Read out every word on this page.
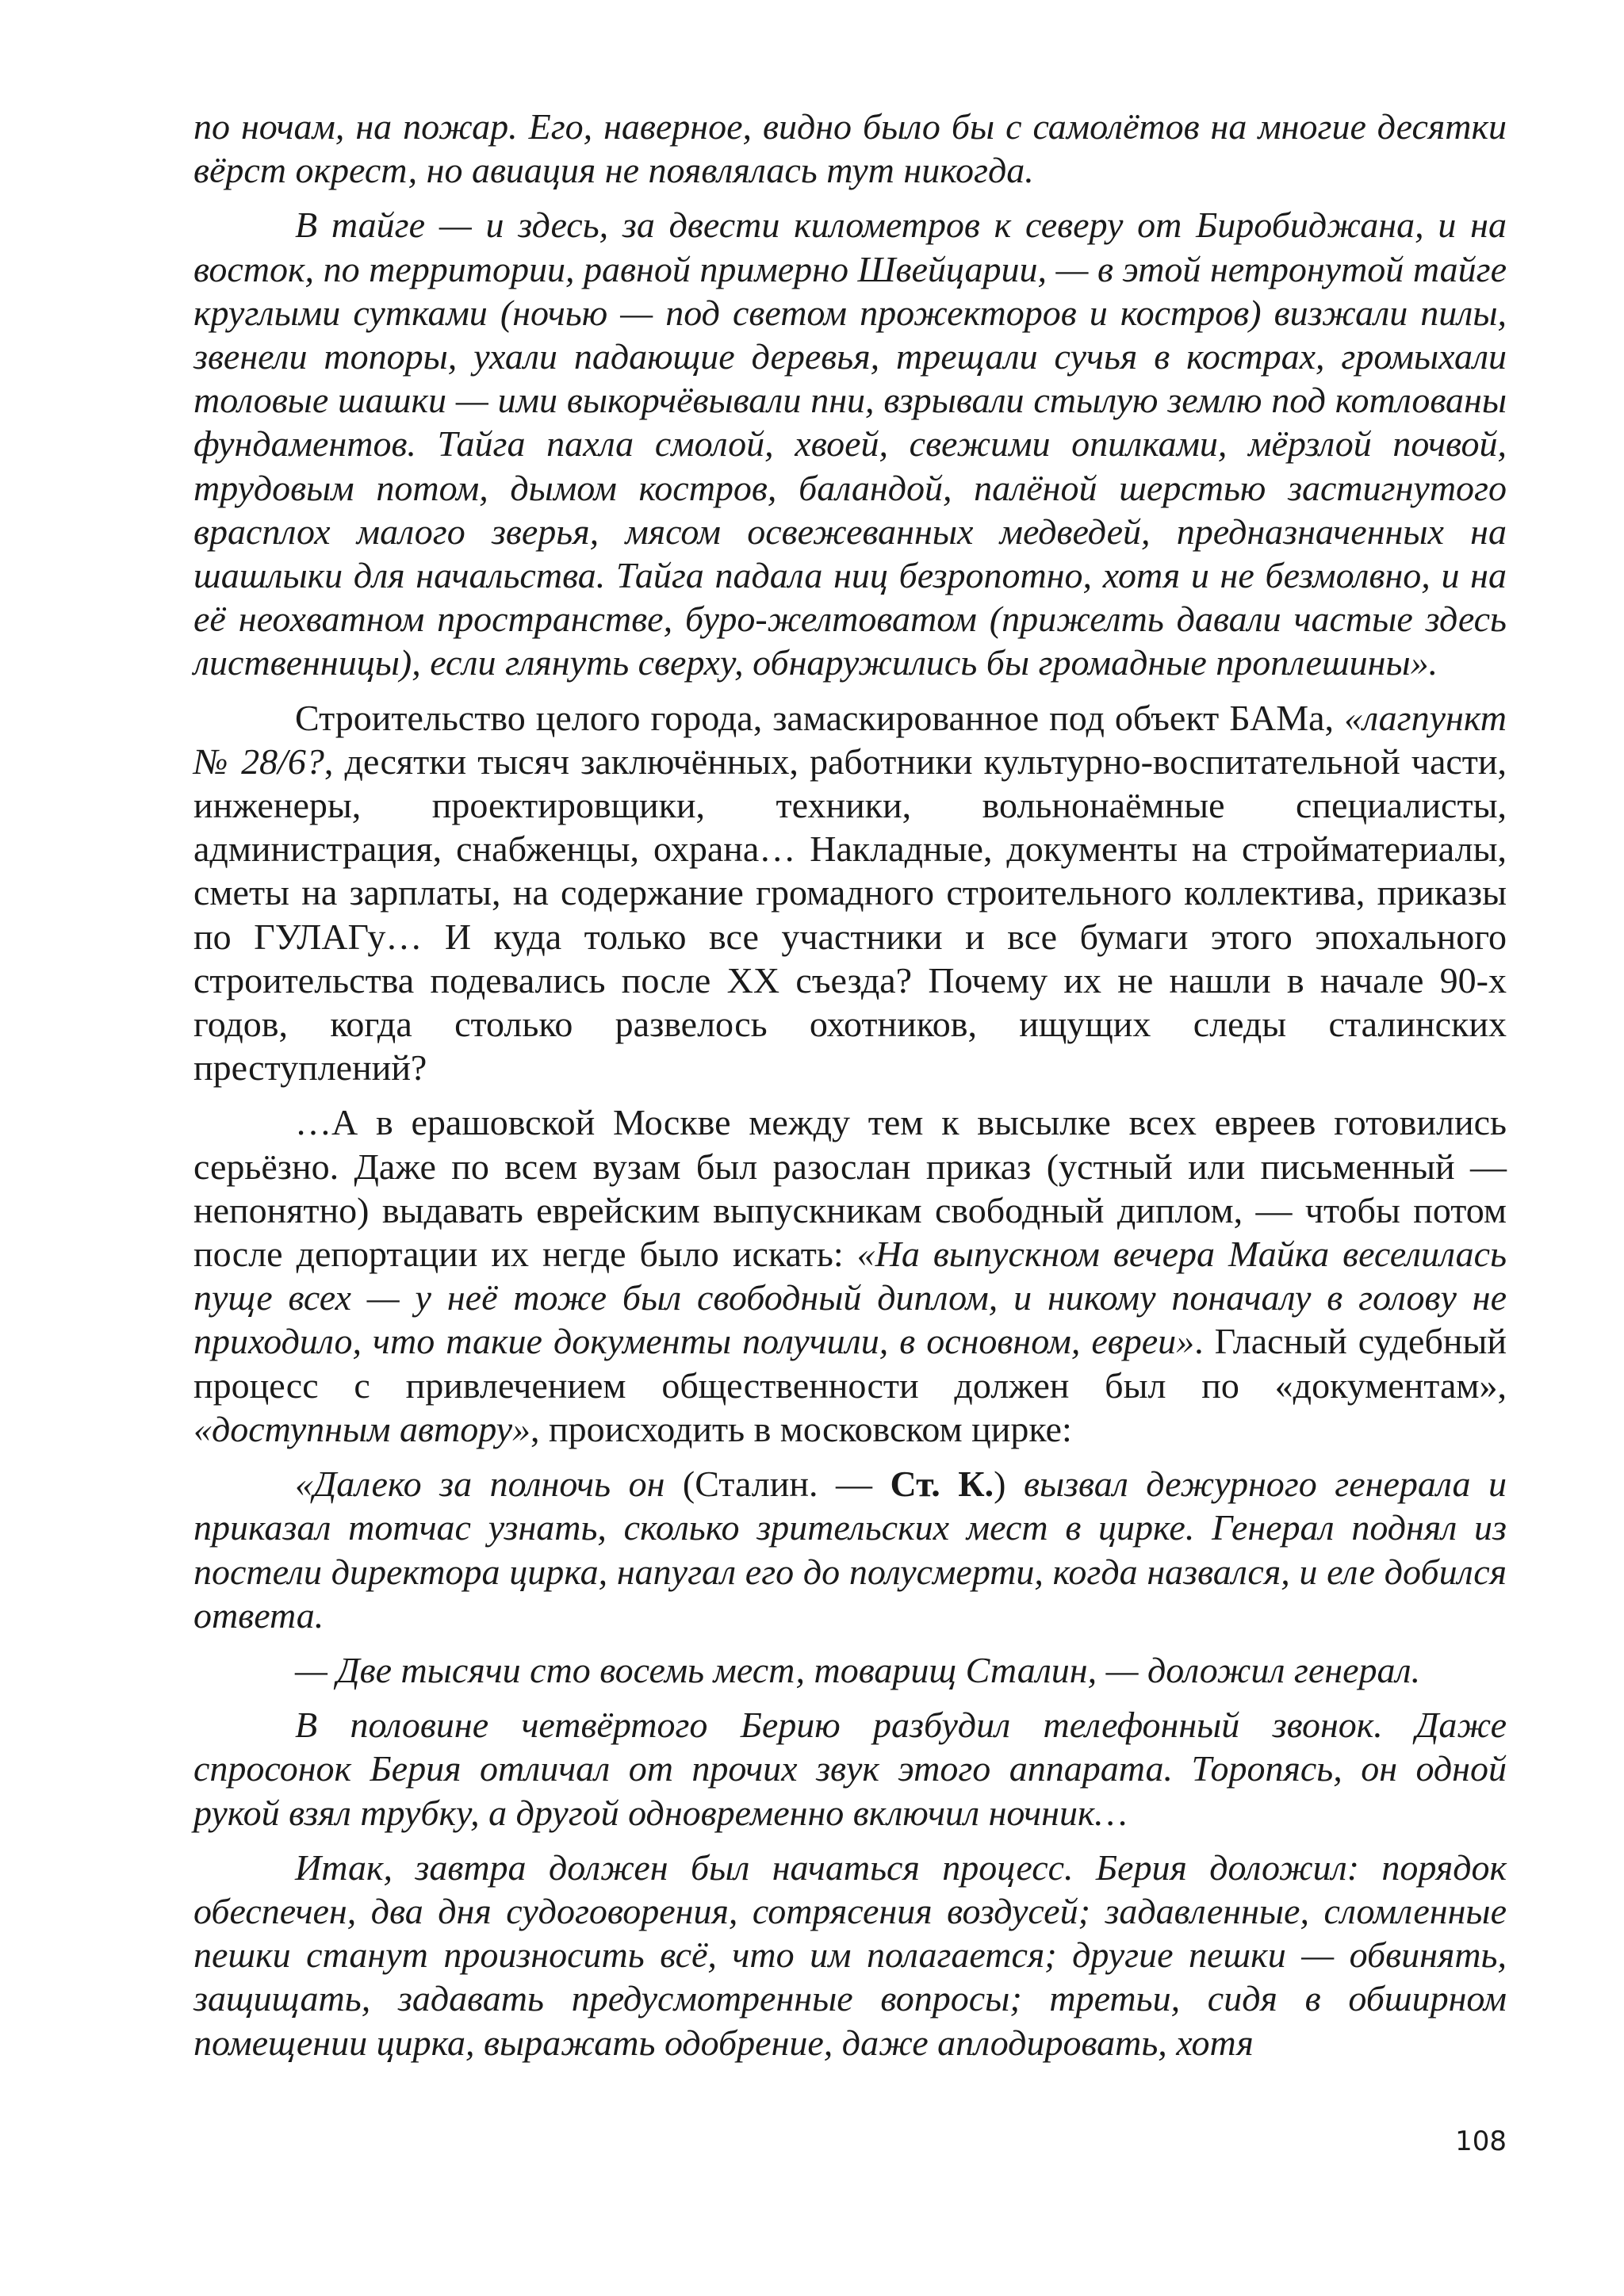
по ночам, на пожар. Его, наверное, видно было бы с самолётов на многие десятки вёрст окрест, но авиация не появлялась тут никогда.

В тайге — и здесь, за двести километров к северу от Биробиджана, и на восток, по территории, равной примерно Швейцарии, — в этой нетронутой тайге круглыми сутками (ночью — под светом прожекторов и костров) визжали пилы, звенели топоры, ухали падающие деревья, трещали сучья в кострах, громыхали толовые шашки — ими выкорчёвывали пни, взрывали стылую землю под котлованы фундаментов. Тайга пахла смолой, хвоей, свежими опилками, мёрзлой почвой, трудовым потом, дымом костров, баландой, палёной шерстью застигнутого врасплох малого зверья, мясом освежеванных медведей, предназначенных на шашлыки для начальства. Тайга падала ниц безропотно, хотя и не безмолвно, и на её неохватном пространстве, буро-желтоватом (прижелть давали частые здесь лиственницы), если глянуть сверху, обнаружились бы громадные проплешины».

Строительство целого города, замаскированное под объект БАМа, «лагпункт № 28/6?, десятки тысяч заключённых, работники культурно-воспитательной части, инженеры, проектировщики, техники, вольнонаёмные специалисты, администрация, снабженцы, охрана… Накладные, документы на стройматериалы, сметы на зарплаты, на содержание громадного строительного коллектива, приказы по ГУЛАГу… И куда только все участники и все бумаги этого эпохального строительства подевались после XX съезда? Почему их не нашли в начале 90-х годов, когда столько развелось охотников, ищущих следы сталинских преступлений?

…А в ерашовской Москве между тем к высылке всех евреев готовились серьёзно. Даже по всем вузам был разослан приказ (устный или письменный — непонятно) выдавать еврейским выпускникам свободный диплом, — чтобы потом после депортации их негде было искать: «На выпускном вечера Майка веселилась пуще всех — у неё тоже был свободный диплом, и никому поначалу в голову не приходило, что такие документы получили, в основном, евреи». Гласный судебный процесс с привлечением общественности должен был по «документам», «доступным автору», происходить в московском цирке:

«Далеко за полночь он (Сталин. — Ст. К.) вызвал дежурного генерала и приказал тотчас узнать, сколько зрительских мест в цирке. Генерал поднял из постели директора цирка, напугал его до полусмерти, когда назвался, и еле добился ответа.

— Две тысячи сто восемь мест, товарищ Сталин, — доложил генерал.

В половине четвёртого Берию разбудил телефонный звонок. Даже спросонок Берия отличал от прочих звук этого аппарата. Торопясь, он одной рукой взял трубку, а другой одновременно включил ночник…

Итак, завтра должен был начаться процесс. Берия доложил: порядок обеспечен, два дня судоговорения, сотрясения воздусей; задавленные, сломленные пешки станут произносить всё, что им полагается; другие пешки — обвинять, защищать, задавать предусмотренные вопросы; третьи, сидя в обширном помещении цирка, выражать одобрение, даже аплодировать, хотя

108
